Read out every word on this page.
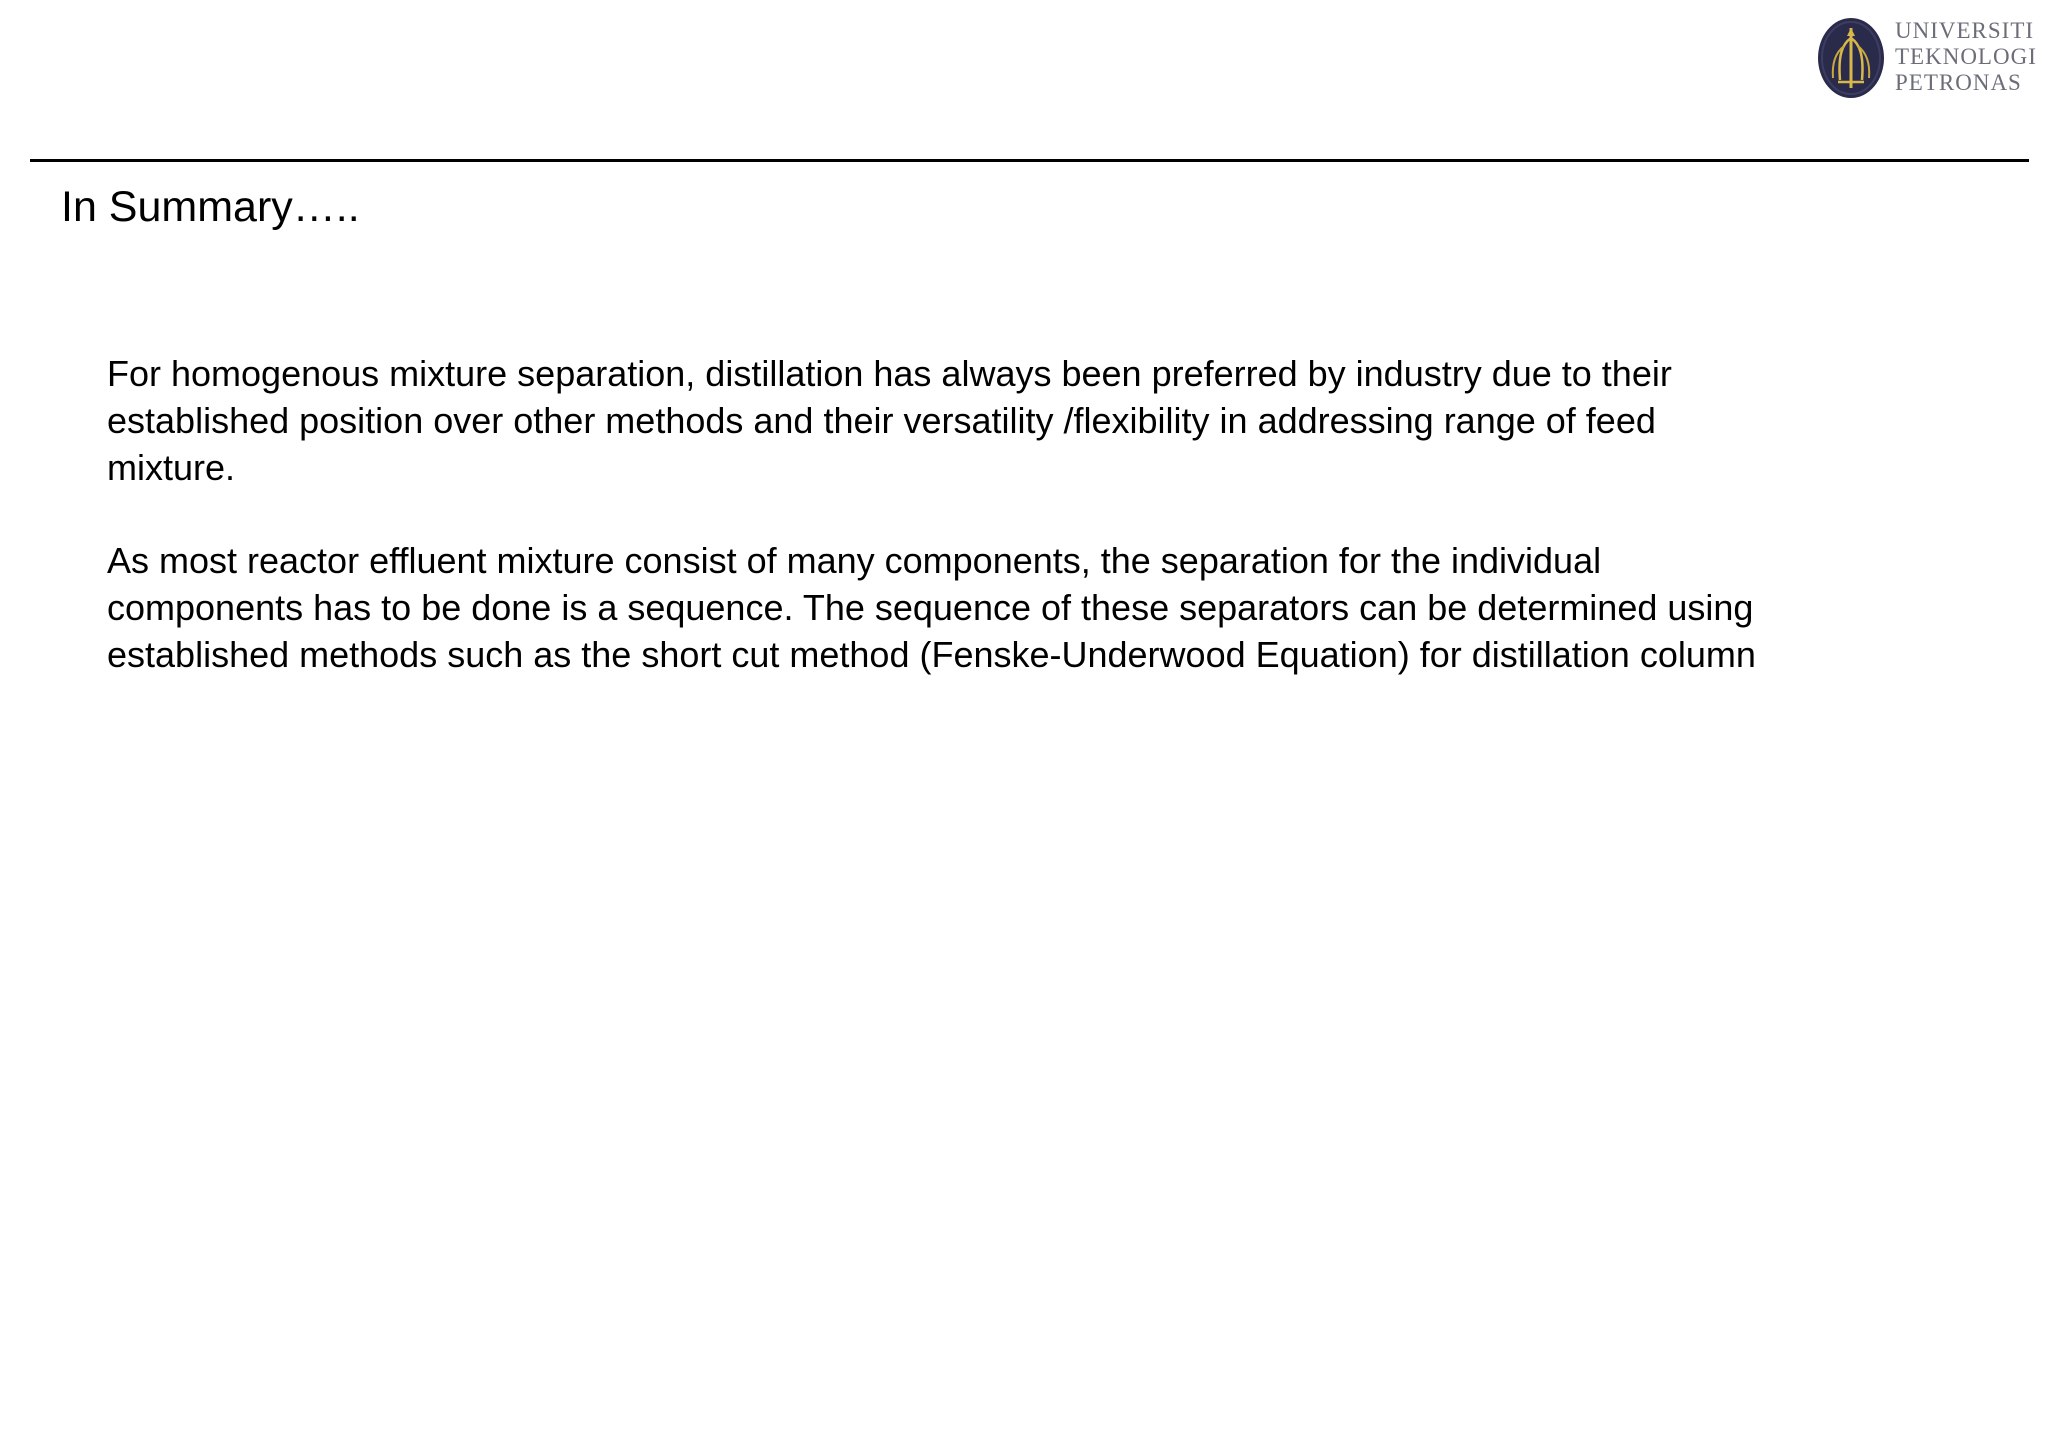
UNIVERSITI
TEKNOLOGI
PETRONAS
In Summary…..

For homogenous mixture separation, distillation has always been preferred by industry due to their
established position over other methods and their versatility /flexibility in addressing range of feed
mixture.

As most reactor effluent mixture consist of many components, the separation for the individual
components has to be done is a sequence. The sequence of these separators can be determined using
established methods such as the short cut method (Fenske-Underwood Equation) for distillation column
